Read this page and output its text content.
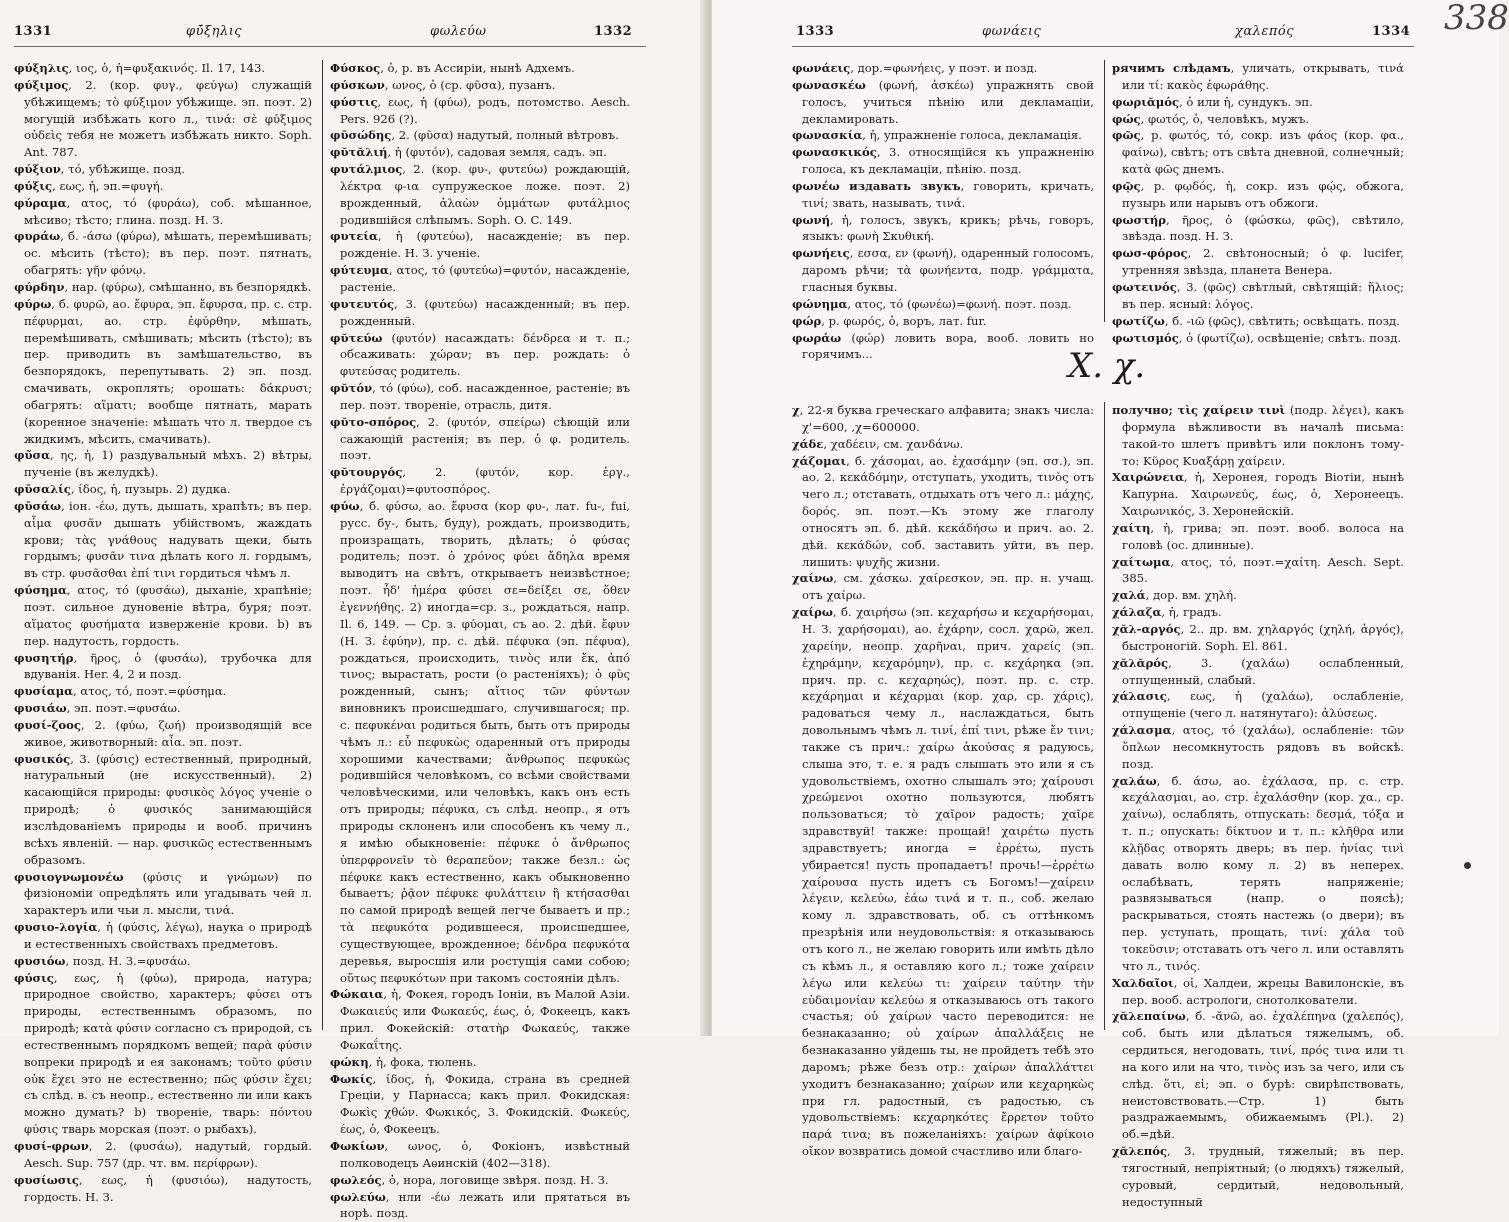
1331	φῡ́ξηλις	φωλεύω	1332

φύξηλις, ιος, ὁ, ἡ=φυξακινός. Il. 17, 143.

φύξιμος, 2. (кор. φυγ., φεύγω) служащій убѣжищемъ; τὸ φύξιμον убѣжище. эп. поэт. 2) могущій избѣжать кого л., τινά: σὲ φύξιμος οὐδεὶς тебя не можетъ избѣжать никто. Soph. Ant. 787.

φύξιον, τό, убѣжище. позд.

φύξις, εως, ἡ, эп.=φυγή.

φύραμα, ατος, τό (φυράω), соб. мѣшанное, мѣсиво; тѣсто; глина. позд. Н. З.

φυράω, б. -άσω (φύρω), мѣшать, перемѣшивать; ос. мѣсить (тѣсто); въ пер. поэт. пятнать, обагрять: γῆν φόνῳ.

φύρδην, нар. (φύρω), смѣшанно, въ безпорядкѣ.

φύρω, б. φυρῶ, ао. ἔφυρα, эп. ἔφυρσα, пр. с. стр. πέφυρμαι, ао. стр. ἐφύρθην, мѣшать, перемѣшивать, смѣшивать; мѣсить (тѣсто); въ пер. приводить въ замѣшательство, въ безпорядокъ, перепутывать. 2) эп. позд. смачивать, окроплять; орошать: δάκρυσι; обагрять: αἵματι; вообще пятнать, марать (коренное значеніе: мѣшать что л. твердое съ жидкимъ, мѣсить, смачивать).

φῦσα, ης, ἡ, 1) раздувальный мѣхъ. 2) вѣтры, пученіе (въ желудкѣ).

φῡσαλίς, ίδος, ἡ, пузырь. 2) дудка.

φῡσάω, іон. -έω, дуть, дышать, храпѣть; въ пер. αἷμα φυσᾶν дышать убійствомъ, жаждать крови; τὰς γνάθους надувать щеки, быть гордымъ; φυσᾶν τινα дѣлать кого л. гордымъ, въ стр. φυσᾶσθαι ἐπί τινι гордиться чѣмъ л.

φύσημα, ατος, τό (φυσάω), дыханіе, храпѣніе; поэт. сильное дуновеніе вѣтра, буря; поэт. αἵματος φυσήματα изверженіе крови. b) въ пер. надутость, гордость.

φυσητήρ, ῆρος, ὁ (φυσάω), трубочка для вдуванія. Her. 4, 2 и позд.

φυσίαμα, ατος, τό, поэт.=φύσημα.

φυσιάω, эп. поэт.=φυσάω.

φυσί-ζοος, 2. (φύω, ζωή) производящій все живое, животворный: αἶα. эп. поэт.

φυσικός, 3. (φύσις) естественный, природный, натуральный (не искусственный). 2) касающійся природы: φυσικὸς λόγος ученіе о природѣ; ὁ φυσικός занимающійся изслѣдованіемъ природы и вооб. причинъ всѣхъ явленій. — нар. φυσικῶς естественнымъ образомъ.

φυσιογνωμονέω (φύσις и γνώμων) по физіономіи опредѣлять или угадывать чей л. характеръ или чьи л. мысли, τινά.

φυσιο-λογία, ἡ (φύσις, λέγω), наука о природѣ и естественныхъ свойствахъ предметовъ.

φυσιόω, позд. Н. З.=φυσάω.

φύσις, εως, ἡ (φύω), природа, натура; природное свойство, характеръ; φύσει отъ природы, естественнымъ образомъ, по природѣ; κατὰ φύσιν согласно съ природой, съ естественнымъ порядкомъ вещей; παρὰ φύσιν вопреки природѣ и ея законамъ; τοῦτο φύσιν οὐκ ἔχει это не естественно; πῶς φύσιν ἔχει; съ слѣд. в. съ неопр., естественно ли или какъ можно думать? b) твореніе, тварь: πόντου φύσις тварь морская (поэт. о рыбахъ).

φυσί-φρων, 2. (φυσάω), надутый, гордый. Aesch. Sup. 757 (др. чт. вм. περίφρων).

φυσίωσις, εως, ἡ (φυσιόω), надутость, гордость. Н. З.

Φύσκος, ὁ, р. въ Ассиріи, нынѣ Адхемъ.

φύσκων, ωνος, ὁ (ср. φῦσα), пузанъ.

φύστις, εως, ἡ (φύω), родъ, потомство. Aesch. Pers. 926 (?).

φῡσώδης, 2. (φῦσα) надутый, полный вѣтровъ.

φῠτᾰλιή, ἡ (φυτόν), садовая земля, садъ. эп.

φυτάλμιος, 2. (кор. φυ-, φυτεύω) рождающій, λέκτρα φ-ια супружеское ложе. поэт. 2) врожденный, ἀλαὼν ὀμμάτων φυτάλμιος родившійся слѣпымъ. Soph. O. C. 149.

φυτεία, ἡ (φυτεύω), насажденіе; въ пер. рожденіе. Н. З. ученіе.

φύτευμα, ατος, τό (φυτεύω)=φυτόν, насажденіе, растеніе.

φυτευτός, 3. (φυτεύω) насажденный; въ пер. рожденный.

φῠτεύω (φυτόν) насаждать: δένδρεα и т. п.; обсаживать: χώραν; въ пер. рождать: ὁ φυτεύσας родитель.

φῠτόν, τό (φύω), соб. насажденное, растеніе; въ пер. поэт. твореніе, отрасль, дитя.

φῠτο-σπόρος, 2. (φυτόν, σπείρω) сѣющій или сажающій растенія; въ пер. ὁ φ. родитель. поэт.

φῠτουργός, 2. (φυτόν, кор. ἐργ., ἐργάζομαι)=φυτοσπόρος.

φύω, б. φύσω, ао. ἔφυσα (кор φυ-, лат. fu-, fui, русс. бу-, быть, буду), рождать, производить, произращать, творить, дѣлать; ὁ φύσας родитель; поэт. ὁ χρόνος φύει ἄδηλα время выводитъ на свѣтъ, открываетъ неизвѣстное; поэт. ἧδ' ἡμέρα φύσει σε=δείξει σε, ὅθεν ἐγεννήθης. 2) иногда=ср. з., рождаться, напр. Il. 6, 149. — Ср. з. φύομαι, съ ао. 2. дѣй. ἔφυν (Н. З. ἐφύην), пр. с. дѣй. πέφυκα (эп. πέφυα), рождаться, происходить, τινὸς или ἔκ, ἀπό τινος; вырастать, рости (о растеніяхъ); ὁ φὺς рожденный, сынъ; αἴτιος τῶν φύντων виновникъ происшедшаго, случившагося; пр. с. πεφυκέναι родиться быть, быть отъ природы чѣмъ л.: εὖ πεφυκὼς одаренный отъ природы хорошими качествами; ἄνθρωπος πεφυκὼς родившійся человѣкомъ, со всѣми свойствами человѣческими, или человѣкъ, какъ онъ есть отъ природы; πέφυκα, съ слѣд. неопр., я отъ природы склоненъ или способенъ къ чему л., я имѣю обыкновеніе: πέφυκε ὁ ἄνθρωπος ὑπερφρονεῖν τὸ θεραπεῦον; также безл.: ὡς πέφυκε какъ естественно, какъ обыкновенно бываетъ; ῥᾷον πέφυκε φυλάττειν ἢ κτήσασθαι по самой природѣ вещей легче бываетъ и пр.; τὰ πεφυκότα родившееся, происшедшее, существующее, врожденное; δένδρα πεφυκότα деревья, выросшія или ростущія сами собою; οὕτως πεφυκότων при такомъ состояніи дѣлъ.

Φώκαια, ἡ, Фокея, городъ Іоніи, въ Малой Азіи. Φωκαιεύς или Φωκαεύς, έως, ὁ, Фокеецъ, какъ прил. Фокейскій: στατὴρ Φωκαεύς, также Φωκαΐτης.

φώκη, ἡ, фока, тюлень.

Φωκίς, ίδος, ἡ, Фокида, страна въ средней Греціи, у Парнасса; какъ прил. Фокидская: Φωκὶς χθών. Φωκικός, 3. Фокидскій. Φωκεύς, έως, ὁ, Фокеецъ.

Φωκίων, ωνος, ὁ, Фокіонъ, извѣстный полководецъ Аѳинскій (402—318).

φωλεός, ὁ, нора, логовище звѣря. позд. Н. З.

φωλεύω, нли -έω лежать или прятаться въ норѣ. позд.

1333	φωνάεις	χαλεπός	1334 338

φωνάεις, дор.=φωνήεις, у поэт. и позд.

φωνασκέω (φωνή, ἀσκέω) упражнять свой голосъ, учиться пѣнію или декламаціи, декламировать.

φωνασκία, ἡ, упражненіе голоса, декламація.

φωνασκικός, 3. относящійся къ упражненію голоса, къ декламаціи, пѣнію. позд.

φωνέω издавать звукъ, говорить, кричать, τινί; звать, называть, τινά.

φωνή, ἡ, голосъ, звукъ, крикъ; рѣчь, говоръ, языкъ: φωνὴ Σκυθική.

φωνήεις, εσσα, εν (φωνή), одаренный голосомъ, даромъ рѣчи; τὰ φωνήεντα, подр. γράμματα, гласныя буквы.

φώνημα, ατος, τό (φωνέω)=φωνή. поэт. позд.

φώρ, р. φωρός, ὁ, воръ, лат. fur.

φωράω (φώρ) ловить вора, вооб. ловить но горячимъ...

рячимъ слѣдамъ, уличать, открывать, τινά или τί: κακὸς ἐφωράθης.

φωριᾰμός, ὁ или ἡ, сундукъ. эп.

φώς, φωτός, ὁ, человѣкъ, мужъ.

φῶς, р. φωτός, τό, сокр. изъ φάος (кор. φα., φαίνω), свѣтъ; отъ свѣта дневной, солнечный; κατὰ φῶς днемъ.

φῷς, р. φῳδός, ἡ, сокр. изъ φῴς, обжога, пузырь или нарывъ отъ обжоги.

φωστήρ, ῆρος, ὁ (φώσκω, φῶς), свѣтило, звѣзда. позд. Н. З.

φωσ-φόρος, 2. свѣтоносный; ὁ φ. lucifer, утренняя звѣзда, планета Венера.

φωτεινός, 3. (φῶς) свѣтлый, свѣтящій: ἥλιος; въ пер. ясный: λόγος.

φωτίζω, б. -ιῶ (φῶς), свѣтить; освѣщать. позд.

φωτισμός, ὁ (φωτίζω), освѣщеніе; свѣтъ. позд.

X. χ.

χ, 22-я буква греческаго алфавита; знакъ числа: χ'=600, ,χ=600000.

χάδε, χαδέειν, см. χανδάνω.

χάζομαι, б. χάσομαι, ао. ἐχασάμην (эп. σσ.), эп. ао. 2. κεκάδόμην, отступать, уходить, τινὸς отъ чего л.; отставать, отдыхать отъ чего л.: μάχης, δορός. эп. поэт.—Къ этому же глаголу относятъ эп. б. дѣй. κεκάδήσω и прич. ао. 2. дѣй. κεκάδών, соб. заставить уйти, въ пер. лишить: ψυχῆς жизни.

χαίνω, см. χάσκω. χαίρεσκον, эп. пр. н. учащ. отъ χαίρω.

χαίρω, б. χαιρήσω (эп. κεχαρήσω и κεχαρήσομαι, Н. З. χαρήσομαι), ао. ἐχάρην, сосл. χαρῶ, жел. χαρείην, неопр. χαρῆναι, прич. χαρείς (эп. ἐχηράμην, κεχαρόμην), пр. с. κεχάρηκα (эп. прич. пр. с. κεχαρηώς), поэт. пр. с. стр. κεχάρημαι и κέχαρμαι (кор. χαρ, ср. χάρις), радоваться чему л., наслаждаться, быть довольнымъ чѣмъ л. τινί, ἐπί τινι, рѣже ἔν τινι; также съ прич.: χαίρω ἀκούσας я радуюсь, слыша это, т. е. я радъ слышать это или я съ удовольствіемъ, охотно слышалъ это; χαίρουσι χρεώμενοι охотно пользуются, любятъ пользоваться; τὸ χαῖρον радость; χαῖρε здравствуй! также: прощай! χαιρέτω пусть здравствуетъ; иногда = ἐρρέτω, пусть убирается! пусть пропадаетъ! прочь!—ἐρρέτω χαίρουσα пусть идетъ съ Богомъ!—χαίρειν λέγειν, κελεύω, ἐάω τινά и т. п., соб. желаю кому л. здравствовать, об. съ оттѣнкомъ презрѣнія или неудовольствія: я отказываюсь отъ кого л., не желаю говорить или имѣть дѣло съ кѣмъ л., я оставляю кого л.; тоже χαίρειν λέγω или κελεύω τι: χαίρειν ταύτην τὴν εὐδαιμονίαν κελεύω я отказываюсь отъ такого счастья; οὐ χαίρων часто переводится: не безнаказанно; οὐ χαίρων ἀπαλλάξεις не безнаказанно уйдешь ты, не пройдетъ тебѣ это даромъ; рѣже безъ отр.: χαίρων ἀπαλλάττει уходитъ безнаказанно; χαίρων или κεχαρηκὼς при гл. радостный, съ радостью, съ удовольствіемъ: κεχαρηκότες ἔρρετον τοῦτο παρά τινα; въ пожеланіяхъ: χαίρων ἀφίκοιο οἴκον возвратись домой счастливо или благо-

получно; τὶς χαίρειν τινὶ (подр. λέγει), какъ формула вѣжливости въ началѣ письма: такой-то шлетъ привѣтъ или поклонъ тому-то: Κῦρος Κυαξάρῃ χαίρειν.

Χαιρώνεια, ἡ, Херонея, городъ Віотіи, нынѣ Капурна. Χαιρωνεύς, έως, ὁ, Херонеецъ. Χαιρωνικός, 3. Херонейскій.

χαίτη, ἡ, грива; эп. поэт. вооб. волоса на головѣ (ос. длинные).

χαίτωμα, ατος, τό, поэт.=χαίτη. Aesch. Sept. 385.

χαλά, дор. вм. χηλή.

χάλαζα, ἡ, градъ.

χᾰλ-αργός, 2.. др. вм. χηλαργός (χηλή, ἀργός), быстроногій. Soph. El. 861.

χᾰλᾰρός, 3. (χαλάω) ослабленный, отпущенный, слабый.

χάλασις, εως, ἡ (χαλάω), ослабленіе, отпущеніе (чего л. натянутаго): ἀλύσεως.

χάλασμα, ατος, τό (χαλάω), ослабленіе: τῶν ὅπλων несомкнутость рядовъ въ войскѣ. позд.

χαλάω, б. άσω, ао. ἐχάλασα, пр. с. стр. κεχάλασμαι, ао. стр. ἐχαλάσθην (кор. χα., ср. χαίνω), ослаблять, отпускать: δεσμά, τόξα и т. п.; опускать: δίκτυον и т. п.: κλῆθρα или κλῇδας отворять дверь; въ пер. ἡνίας τινὶ давать волю кому л. 2) въ неперех. ослабѣвать, терять напряженіе; развязываться (напр. о поясѣ); раскрываться, стоять настежь (о двери); въ пер. уступать, прощать, τινί: χάλα τοῦ τοκεῦσιν; отставать отъ чего л. или оставлять что л., τινός.

Χαλδαῖοι, οἱ, Халдеи, жрецы Вавилонскіе, въ пер. вооб. астрологи, снотолкователи.

χᾰλεπαίνω, б. -ᾰνῶ, ао. ἐχαλέπηνα (χαλεπός), соб. быть или дѣлаться тяжелымъ, об. сердиться, негодовать, τινί, πρός τινα или τι на кого или на что, τινὸς изъ за чего, или съ слѣд. ὅτι, εἰ; эп. о бурѣ: свирѣпствовать, неистовствовать.—Стр. 1) быть раздражаемымъ, обижаемымъ (Pl.). 2) об.=дѣй.

χᾰλεπός, 3. трудный, тяжелый; въ пер. тягостный, непріятный; (о людяхъ) тяжелый, суровый, сердитый, недовольный, недоступный
